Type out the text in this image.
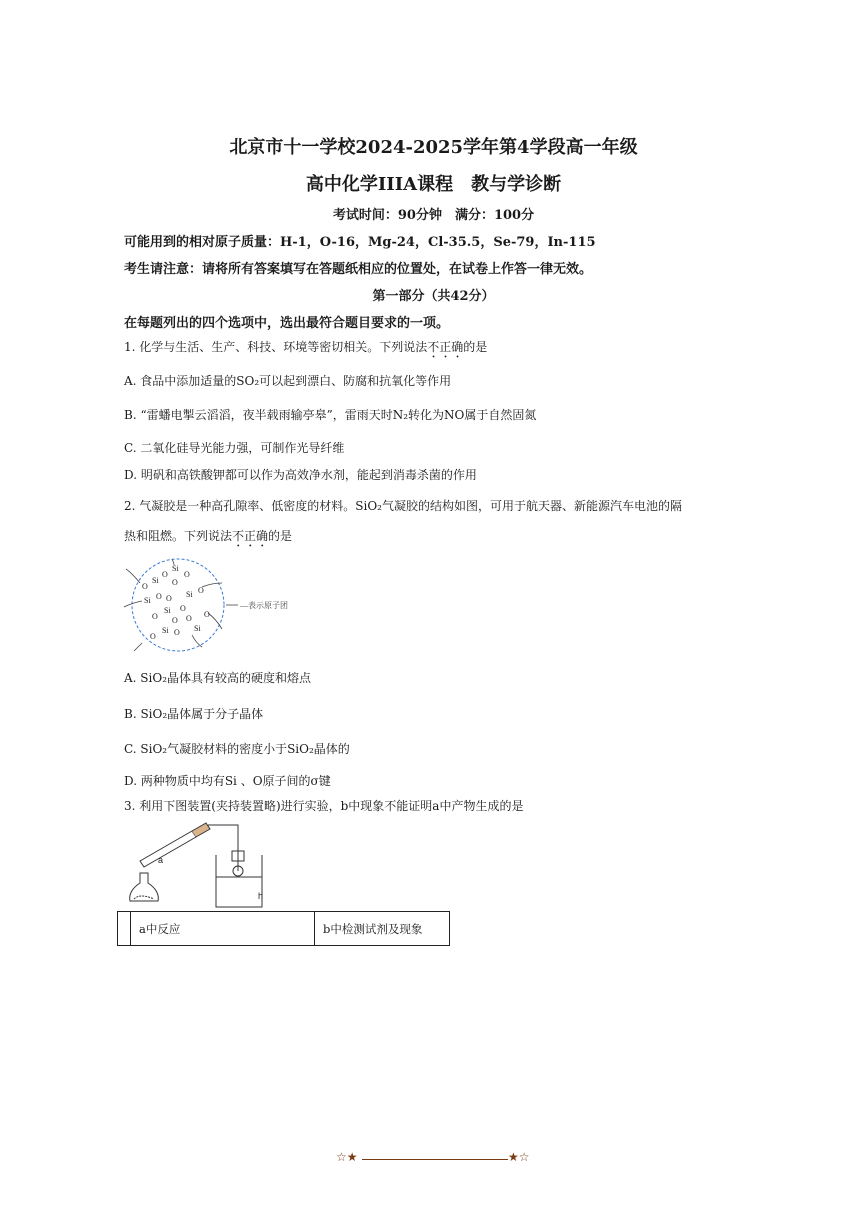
北京市十一学校2024-2025学年第4学段高一年级
高中化学IIIA课程　教与学诊断
考试时间：90分钟　满分：100分
可能用到的相对原子质量：H-1，O-16，Mg-24，Cl-35.5，Se-79，In-115
考生请注意：请将所有答案填写在答题纸相应的位置处，在试卷上作答一律无效。
第一部分（共42分）
在每题列出的四个选项中，选出最符合题目要求的一项。
1. 化学与生活、生产、科技、环境等密切相关。下列说法不正确的是
A. 食品中添加适量的SO₂可以起到漂白、防腐和抗氧化等作用
B. “雷蟠电掣云滔滔，夜半载雨输亭皋”，雷雨天时N₂转化为NO属于自然固氮
C. 二氧化硅导光能力强，可制作光导纤维
D. 明矾和高铁酸钾都可以作为高效净水剂，能起到消毒杀菌的作用
2. 气凝胶是一种高孔隙率、低密度的材料。SiO₂气凝胶的结构如图，可用于航天器、新能源汽车电池的隔
热和阻燃。下列说法不正确的是
O
Si
O
O
Si O
Si O O Si O
O
Si
O O O
Si
Si O
O
O
—表示原子团
A. SiO₂晶体具有较高的硬度和熔点
B. SiO₂晶体属于分子晶体
C. SiO₂气凝胶材料的密度小于SiO₂晶体的
D. 两种物质中均有Si 、O原子间的σ键
3. 利用下图装置(夹持装置略)进行实验，b中现象不能证明a中产物生成的是
a
h
	a中反应	b中检测试剂及现象
☆★	★☆
